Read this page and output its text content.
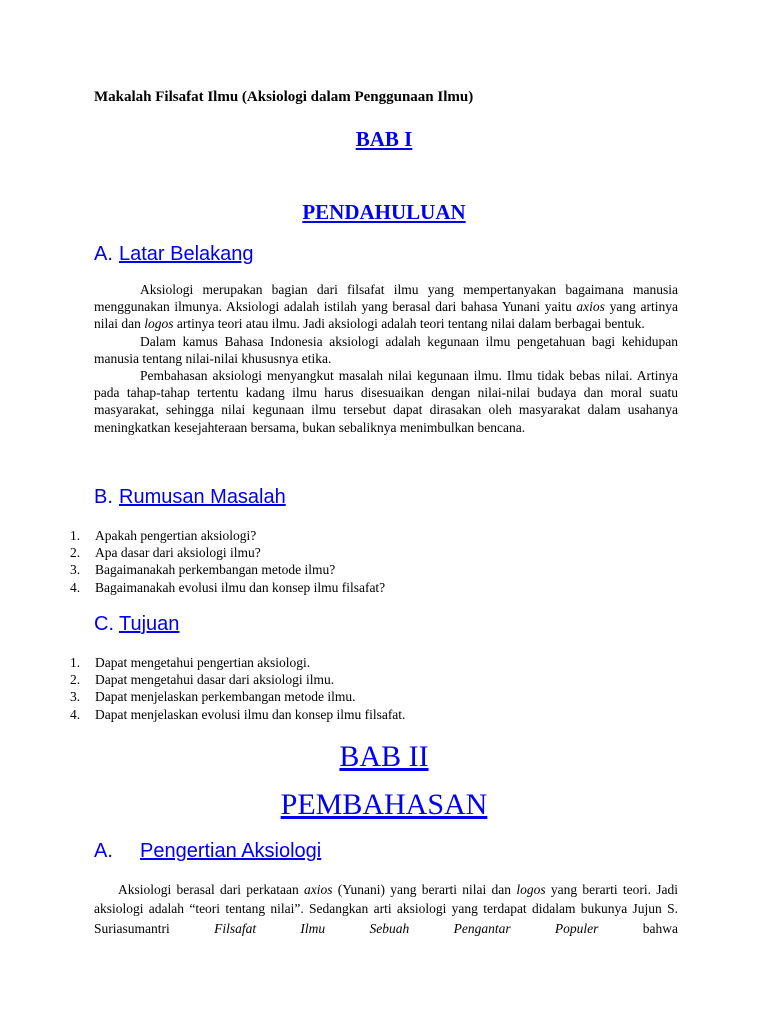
Makalah Filsafat Ilmu (Aksiologi dalam Penggunaan Ilmu)
BAB I
PENDAHULUAN
A. Latar Belakang

Aksiologi merupakan bagian dari filsafat ilmu yang mempertanyakan bagaimana manusia menggunakan ilmunya. Aksiologi adalah istilah yang berasal dari bahasa Yunani yaitu axios yang artinya nilai dan logos artinya teori atau ilmu. Jadi aksiologi adalah teori tentang nilai dalam berbagai bentuk.

Dalam kamus Bahasa Indonesia aksiologi adalah kegunaan ilmu pengetahuan bagi kehidupan manusia tentang nilai-nilai khususnya etika.

Pembahasan aksiologi menyangkut masalah nilai kegunaan ilmu. Ilmu tidak bebas nilai. Artinya pada tahap-tahap tertentu kadang ilmu harus disesuaikan dengan nilai-nilai budaya dan moral suatu masyarakat, sehingga nilai kegunaan ilmu tersebut dapat dirasakan oleh masyarakat dalam usahanya meningkatkan kesejahteraan bersama, bukan sebaliknya menimbulkan bencana.

B. Rumusan Masalah
1. Apakah pengertian aksiologi?
2. Apa dasar dari aksiologi ilmu?
3. Bagaimanakah perkembangan metode ilmu?
4. Bagaimanakah evolusi ilmu dan konsep ilmu filsafat?
C. Tujuan
1. Dapat mengetahui pengertian aksiologi.
2. Dapat mengetahui dasar dari aksiologi ilmu.
3. Dapat menjelaskan perkembangan metode ilmu.
4. Dapat menjelaskan evolusi ilmu dan konsep ilmu filsafat.
BAB II
PEMBAHASAN
A. Pengertian Aksiologi

Aksiologi berasal dari perkataan axios (Yunani) yang berarti nilai dan logos yang berarti teori. Jadi aksiologi adalah “teori tentang nilai”. Sedangkan arti aksiologi yang terdapat didalam bukunya Jujun S. Suriasumantri Filsafat Ilmu Sebuah Pengantar Populer bahwa
